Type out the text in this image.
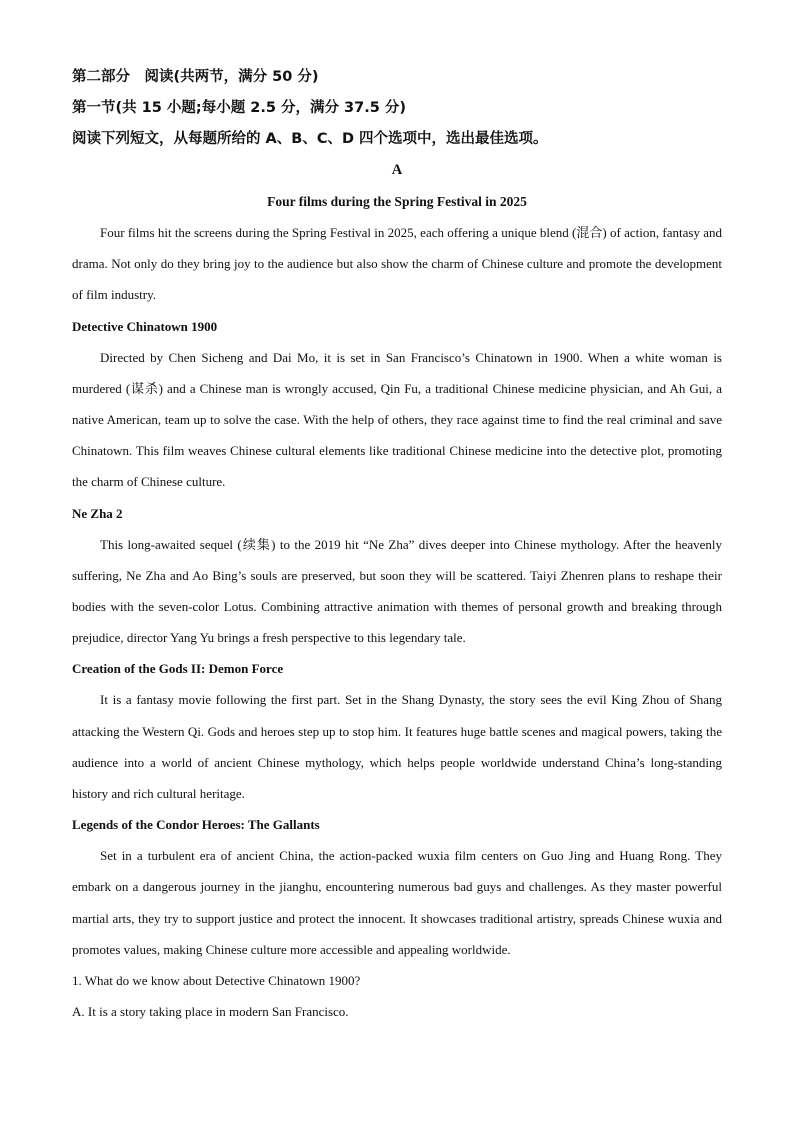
第二部分　阅读(共两节，满分 50 分)
第一节(共 15 小题;每小题 2.5 分，满分 37.5 分)
阅读下列短文，从每题所给的 A、B、C、D 四个选项中，选出最佳选项。
A
Four films during the Spring Festival in 2025

Four films hit the screens during the Spring Festival in 2025, each offering a unique blend (混合) of action, fantasy and drama. Not only do they bring joy to the audience but also show the charm of Chinese culture and promote the development of film industry.

Detective Chinatown 1900

Directed by Chen Sicheng and Dai Mo, it is set in San Francisco’s Chinatown in 1900. When a white woman is murdered (谋杀) and a Chinese man is wrongly accused, Qin Fu, a traditional Chinese medicine physician, and Ah Gui, a native American, team up to solve the case. With the help of others, they race against time to find the real criminal and save Chinatown. This film weaves Chinese cultural elements like traditional Chinese medicine into the detective plot, promoting the charm of Chinese culture.

Ne Zha 2

This long-awaited sequel (续集) to the 2019 hit “Ne Zha” dives deeper into Chinese mythology. After the heavenly suffering, Ne Zha and Ao Bing’s souls are preserved, but soon they will be scattered. Taiyi Zhenren plans to reshape their bodies with the seven-color Lotus. Combining attractive animation with themes of personal growth and breaking through prejudice, director Yang Yu brings a fresh perspective to this legendary tale.

Creation of the Gods II: Demon Force

It is a fantasy movie following the first part. Set in the Shang Dynasty, the story sees the evil King Zhou of Shang attacking the Western Qi. Gods and heroes step up to stop him. It features huge battle scenes and magical powers, taking the audience into a world of ancient Chinese mythology, which helps people worldwide understand China’s long-standing history and rich cultural heritage.

Legends of the Condor Heroes: The Gallants

Set in a turbulent era of ancient China, the action-packed wuxia film centers on Guo Jing and Huang Rong. They embark on a dangerous journey in the jianghu, encountering numerous bad guys and challenges. As they master powerful martial arts, they try to support justice and protect the innocent. It showcases traditional artistry, spreads Chinese wuxia and promotes values, making Chinese culture more accessible and appealing worldwide.

1. What do we know about Detective Chinatown 1900?
A. It is a story taking place in modern San Francisco.
